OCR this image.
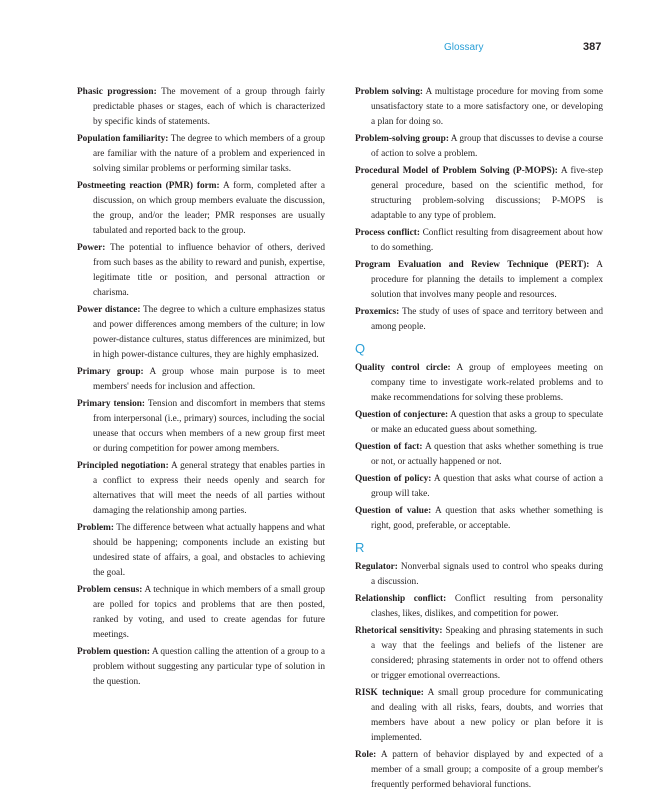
Glossary	387

Phasic progression: The movement of a group through fairly predictable phases or stages, each of which is characterized by specific kinds of statements.

Population familiarity: The degree to which members of a group are familiar with the nature of a problem and experienced in solving similar problems or performing similar tasks.

Postmeeting reaction (PMR) form: A form, completed after a discussion, on which group members evaluate the discussion, the group, and/or the leader; PMR responses are usually tabulated and reported back to the group.

Power: The potential to influence behavior of others, derived from such bases as the ability to reward and punish, expertise, legitimate title or position, and personal attraction or charisma.

Power distance: The degree to which a culture emphasizes status and power differences among members of the culture; in low power-distance cultures, status differences are minimized, but in high power-distance cultures, they are highly emphasized.

Primary group: A group whose main purpose is to meet members' needs for inclusion and affection.

Primary tension: Tension and discomfort in members that stems from interpersonal (i.e., primary) sources, including the social unease that occurs when members of a new group first meet or during competition for power among members.

Principled negotiation: A general strategy that enables parties in a conflict to express their needs openly and search for alternatives that will meet the needs of all parties without damaging the relationship among parties.

Problem: The difference between what actually happens and what should be happening; components include an existing but undesired state of affairs, a goal, and obstacles to achieving the goal.

Problem census: A technique in which members of a small group are polled for topics and problems that are then posted, ranked by voting, and used to create agendas for future meetings.

Problem question: A question calling the attention of a group to a problem without suggesting any particular type of solution in the question.

Problem solving: A multistage procedure for moving from some unsatisfactory state to a more satisfactory one, or developing a plan for doing so.

Problem-solving group: A group that discusses to devise a course of action to solve a problem.

Procedural Model of Problem Solving (P-MOPS): A five-step general procedure, based on the scientific method, for structuring problem-solving discussions; P-MOPS is adaptable to any type of problem.

Process conflict: Conflict resulting from disagreement about how to do something.

Program Evaluation and Review Technique (PERT): A procedure for planning the details to implement a complex solution that involves many people and resources.

Proxemics: The study of uses of space and territory between and among people.

Q

Quality control circle: A group of employees meeting on company time to investigate work-related problems and to make recommendations for solving these problems.

Question of conjecture: A question that asks a group to speculate or make an educated guess about something.

Question of fact: A question that asks whether something is true or not, or actually happened or not.

Question of policy: A question that asks what course of action a group will take.

Question of value: A question that asks whether something is right, good, preferable, or acceptable.

R

Regulator: Nonverbal signals used to control who speaks during a discussion.

Relationship conflict: Conflict resulting from personality clashes, likes, dislikes, and competition for power.

Rhetorical sensitivity: Speaking and phrasing statements in such a way that the feelings and beliefs of the listener are considered; phrasing statements in order not to offend others or trigger emotional overreactions.

RISK technique: A small group procedure for communicating and dealing with all risks, fears, doubts, and worries that members have about a new policy or plan before it is implemented.

Role: A pattern of behavior displayed by and expected of a member of a small group; a composite of a group member's frequently performed behavioral functions.
